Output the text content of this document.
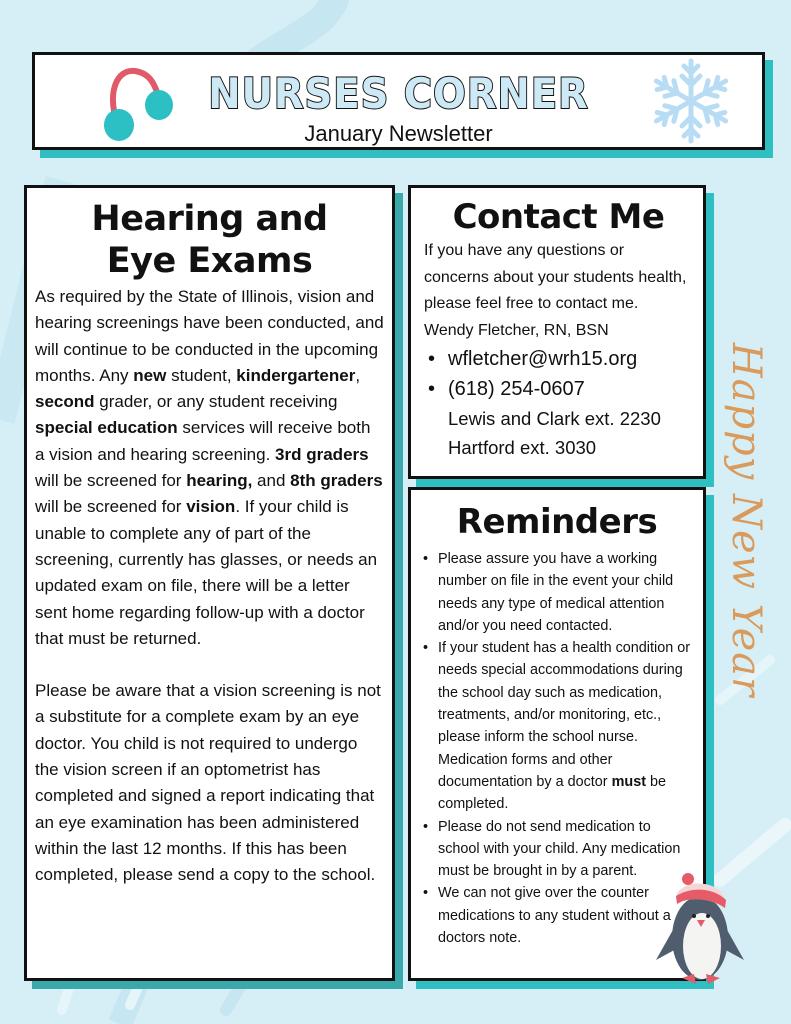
NURSES CORNER
January Newsletter
Hearing and
Eye Exams

As required by the State of Illinois, vision and hearing screenings have been conducted, and will continue to be conducted in the upcoming months. Any new student, kindergartener, second grader, or any student receiving special education services will receive both a vision and hearing screening. 3rd graders will be screened for hearing, and 8th graders will be screened for vision. If your child is unable to complete any of part of the screening, currently has glasses, or needs an updated exam on file, there will be a letter sent home regarding follow-up with a doctor that must be returned.

Please be aware that a vision screening is not a substitute for a complete exam by an eye doctor. You child is not required to undergo the vision screen if an optometrist has completed and signed a report indicating that an eye examination has been administered within the last 12 months. If this has been completed, please send a copy to the school.

Contact Me
If you have any questions or concerns about your students health, please feel free to contact me.
Wendy Fletcher, RN, BSN
• wfletcher@wrh15.org
• (618) 254-0607
Lewis and Clark ext. 2230
Hartford ext. 3030
Reminders
• Please assure you have a working number on file in the event your child needs any type of medical attention and/or you need contacted.
• If your student has a health condition or needs special accommodations during the school day such as medication, treatments, and/or monitoring, etc., please inform the school nurse. Medication forms and other documentation by a doctor must be completed.
• Please do not send medication to school with your child. Any medication must be brought in by a parent.
• We can not give over the counter medications to any student without a doctors note.
Happy New Year
